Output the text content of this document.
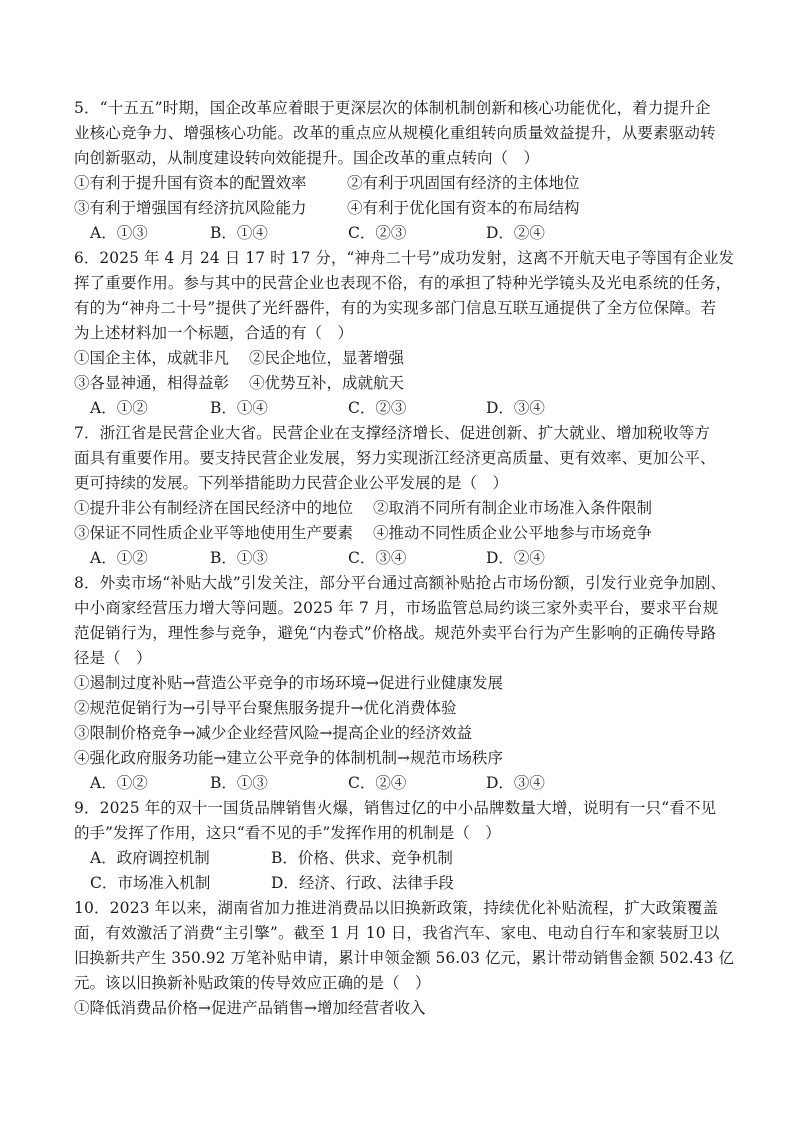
5．“十五五”时期，国企改革应着眼于更深层次的体制机制创新和核心功能优化，着力提升企
业核心竞争力、增强核心功能。改革的重点应从规模化重组转向质量效益提升，从要素驱动转
向创新驱动，从制度建设转向效能提升。国企改革的重点转向（　）
①有利于提升国有资本的配置效率	②有利于巩固国有经济的主体地位
③有利于增强国有经济抗风险能力	④有利于优化国有资本的布局结构
A．①③	B．①④	C．②③	D．②④
6．2025 年 4 月 24 日 17 时 17 分，“神舟二十号”成功发射，这离不开航天电子等国有企业发
挥了重要作用。参与其中的民营企业也表现不俗，有的承担了特种光学镜头及光电系统的任务，
有的为“神舟二十号”提供了光纤器件，有的为实现多部门信息互联互通提供了全方位保障。若
为上述材料加一个标题，合适的有（　）
①国企主体，成就非凡 ②民企地位，显著增强
③各显神通，相得益彰 ④优势互补，成就航天
A．①②	B．①④	C．②③	D．③④
7．浙江省是民营企业大省。民营企业在支撑经济增长、促进创新、扩大就业、增加税收等方
面具有重要作用。要支持民营企业发展，努力实现浙江经济更高质量、更有效率、更加公平、
更可持续的发展。下列举措能助力民营企业公平发展的是（　）
①提升非公有制经济在国民经济中的地位 ②取消不同所有制企业市场准入条件限制
③保证不同性质企业平等地使用生产要素 ④推动不同性质企业公平地参与市场竞争
A．①②	B．①③	C．③④	D．②④
8．外卖市场“补贴大战”引发关注，部分平台通过高额补贴抢占市场份额，引发行业竞争加剧、
中小商家经营压力增大等问题。2025 年 7 月，市场监管总局约谈三家外卖平台，要求平台规
范促销行为，理性参与竞争，避免“内卷式”价格战。规范外卖平台行为产生影响的正确传导路
径是（　）
①遏制过度补贴→营造公平竞争的市场环境→促进行业健康发展
②规范促销行为→引导平台聚焦服务提升→优化消费体验
③限制价格竞争→减少企业经营风险→提高企业的经济效益
④强化政府服务功能→建立公平竞争的体制机制→规范市场秩序
A．①②	B．①③	C．②④	D．③④
9．2025 年的双十一国货品牌销售火爆，销售过亿的中小品牌数量大增，说明有一只“看不见
的手”发挥了作用，这只“看不见的手”发挥作用的机制是（　）
A．政府调控机制	B．价格、供求、竞争机制
C．市场准入机制	D．经济、行政、法律手段
10．2023 年以来，湖南省加力推进消费品以旧换新政策，持续优化补贴流程，扩大政策覆盖
面，有效激活了消费“主引擎”。截至 1 月 10 日，我省汽车、家电、电动自行车和家装厨卫以
旧换新共产生 350.92 万笔补贴申请，累计申领金额 56.03 亿元，累计带动销售金额 502.43 亿
元。该以旧换新补贴政策的传导效应正确的是（　）
①降低消费品价格→促进产品销售→增加经营者收入
